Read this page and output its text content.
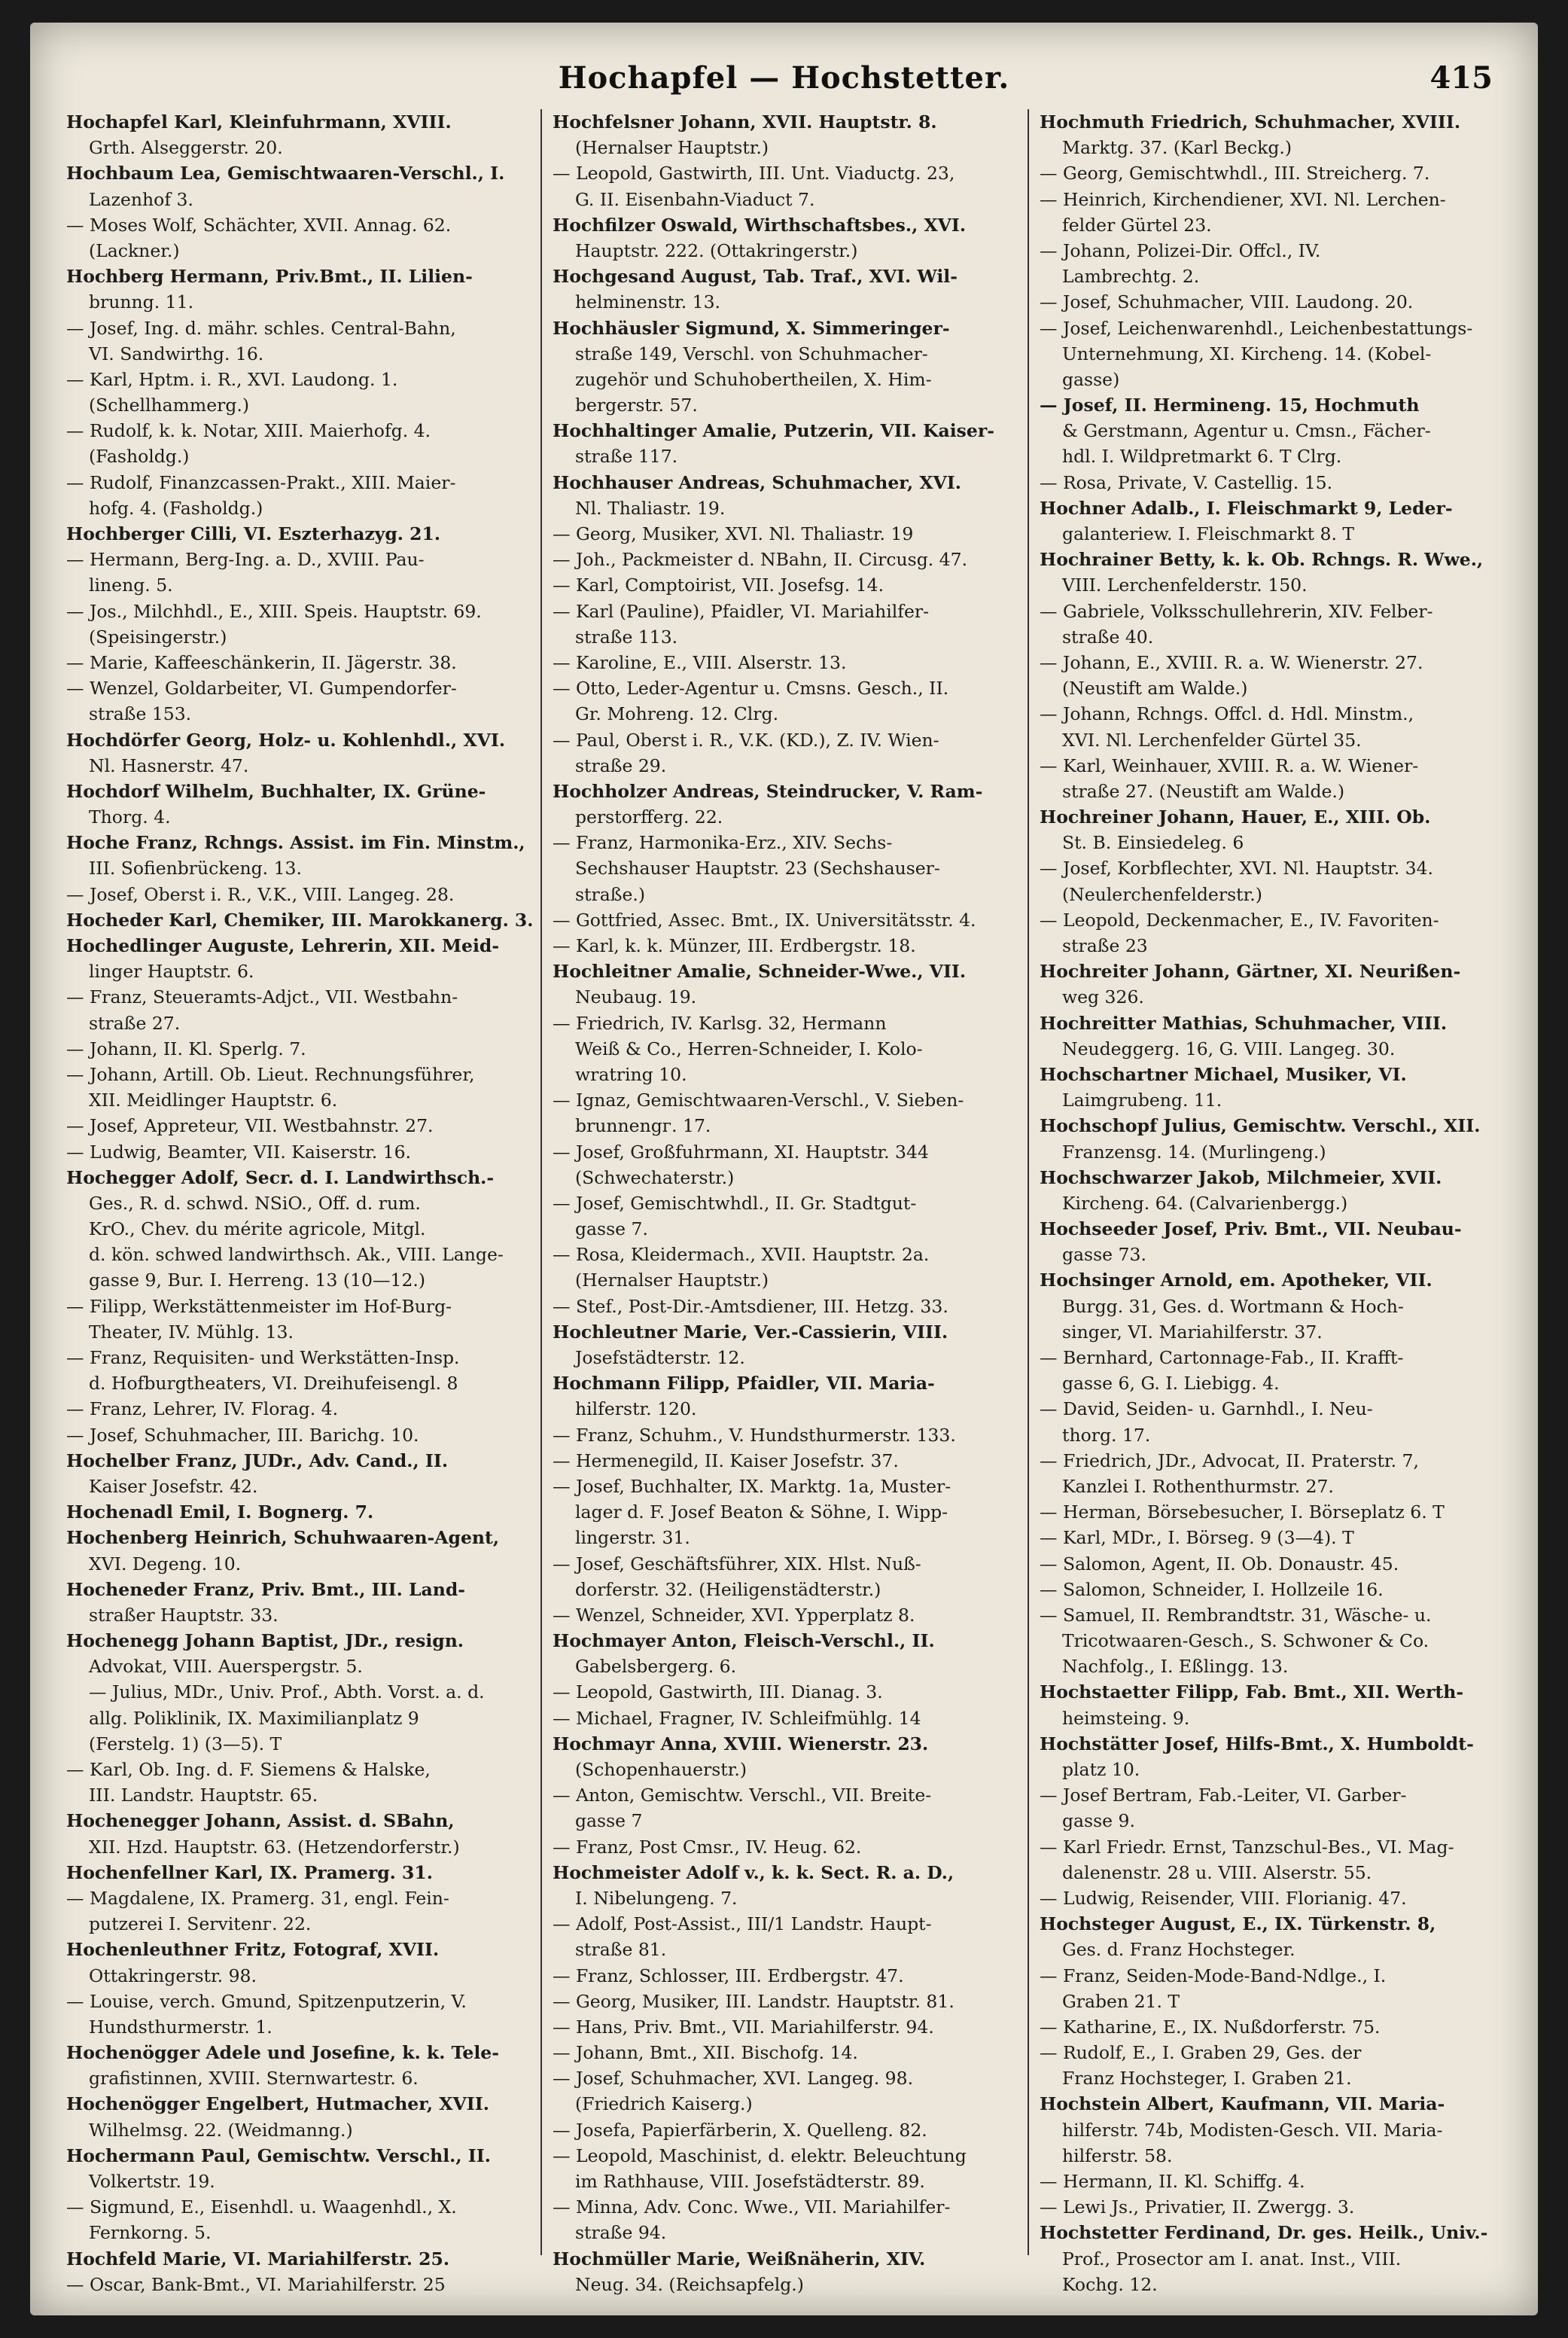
Hochapfel — Hochstetter.	415
Hochapfel Karl, Kleinfuhrmann, XVIII.
Grth. Alseggerstr. 20.
Hochbaum Lea, Gemischtwaaren-Verschl., I.
Lazenhof 3.
— Moses Wolf, Schächter, XVII. Annag. 62.
(Lackner.)
Hochberg Hermann, Priv.Bmt., II. Lilien-
brunng. 11.
— Josef, Ing. d. mähr. schles. Central-Bahn,
VI. Sandwirthg. 16.
— Karl, Hptm. i. R., XVI. Laudong. 1.
(Schellhammerg.)
— Rudolf, k. k. Notar, XIII. Maierhofg. 4.
(Fasholdg.)
— Rudolf, Finanzcassen-Prakt., XIII. Maier-
hofg. 4. (Fasholdg.)
Hochberger Cilli, VI. Eszterhazyg. 21.
— Hermann, Berg-Ing. a. D., XVIII. Pau-
lineng. 5.
— Jos., Milchhdl., E., XIII. Speis. Hauptstr. 69.
(Speisingerstr.)
— Marie, Kaffeeschänkerin, II. Jägerstr. 38.
— Wenzel, Goldarbeiter, VI. Gumpendorfer-
straße 153.
Hochdörfer Georg, Holz- u. Kohlenhdl., XVI.
Nl. Hasnerstr. 47.
Hochdorf Wilhelm, Buchhalter, IX. Grüne-
Thorg. 4.
Hoche Franz, Rchngs. Assist. im Fin. Minstm.,
III. Sofienbrückeng. 13.
— Josef, Oberst i. R., V.K., VIII. Langeg. 28.
Hocheder Karl, Chemiker, III. Marokkanerg. 3.
Hochedlinger Auguste, Lehrerin, XII. Meid-
linger Hauptstr. 6.
— Franz, Steueramts-Adjct., VII. Westbahn-
straße 27.
— Johann, II. Kl. Sperlg. 7.
— Johann, Artill. Ob. Lieut. Rechnungsführer,
XII. Meidlinger Hauptstr. 6.
— Josef, Appreteur, VII. Westbahnstr. 27.
— Ludwig, Beamter, VII. Kaiserstr. 16.
Hochegger Adolf, Secr. d. I. Landwirthsch.-
Ges., R. d. schwd. NSiO., Off. d. rum.
KrO., Chev. du mérite agricole, Mitgl.
d. kön. schwed landwirthsch. Ak., VIII. Lange-
gasse 9, Bur. I. Herreng. 13 (10—12.)
— Filipp, Werkstättenmeister im Hof-Burg-
Theater, IV. Mühlg. 13.
— Franz, Requisiten- und Werkstätten-Insp.
d. Hofburgtheaters, VI. Dreihufeisengl. 8
— Franz, Lehrer, IV. Florag. 4.
— Josef, Schuhmacher, III. Barichg. 10.
Hochelber Franz, JUDr., Adv. Cand., II.
Kaiser Josefstr. 42.
Hochenadl Emil, I. Bognerg. 7.
Hochenberg Heinrich, Schuhwaaren-Agent,
XVI. Degeng. 10.
Hocheneder Franz, Priv. Bmt., III. Land-
straßer Hauptstr. 33.
Hochenegg Johann Baptist, JDr., resign.
Advokat, VIII. Auerspergstr. 5.
— Julius, MDr., Univ. Prof., Abth. Vorst. a. d.
allg. Poliklinik, IX. Maximilianplatz 9
(Ferstelg. 1) (3—5). T
— Karl, Ob. Ing. d. F. Siemens & Halske,
III. Landstr. Hauptstr. 65.
Hochenegger Johann, Assist. d. SBahn,
XII. Hzd. Hauptstr. 63. (Hetzendorferstr.)
Hochenfellner Karl, IX. Pramerg. 31.
— Magdalene, IX. Pramerg. 31, engl. Fein-
putzerei I. Servitenг. 22.
Hochenleuthner Fritz, Fotograf, XVII.
Ottakringerstr. 98.
— Louise, verch. Gmund, Spitzenputzerin, V.
Hundsthurmerstr. 1.
Hochenögger Adele und Josefine, k. k. Tele-
grafistinnen, XVIII. Sternwartestr. 6.
Hochenögger Engelbert, Hutmacher, XVII.
Wilhelmsg. 22. (Weidmanng.)
Hochermann Paul, Gemischtw. Verschl., II.
Volkertstr. 19.
— Sigmund, E., Eisenhdl. u. Waagenhdl., X.
Fernkorng. 5.
Hochfeld Marie, VI. Mariahilferstr. 25.
— Oscar, Bank-Bmt., VI. Mariahilferstr. 25
Hochfelsner Johann, XVII. Hauptstr. 8.
(Hernalser Hauptstr.)
— Leopold, Gastwirth, III. Unt. Viaductg. 23,
G. II. Eisenbahn-Viaduct 7.
Hochfilzer Oswald, Wirthschaftsbes., XVI.
Hauptstr. 222. (Ottakringerstr.)
Hochgesand August, Tab. Traf., XVI. Wil-
helminenstr. 13.
Hochhäusler Sigmund, X. Simmeringer-
straße 149, Verschl. von Schuhmacher-
zugehör und Schuhobertheilen, X. Him-
bergerstr. 57.
Hochhaltinger Amalie, Putzerin, VII. Kaiser-
straße 117.
Hochhauser Andreas, Schuhmacher, XVI.
Nl. Thaliastr. 19.
— Georg, Musiker, XVI. Nl. Thaliastr. 19
— Joh., Packmeister d. NBahn, II. Circusg. 47.
— Karl, Comptoirist, VII. Josefsg. 14.
— Karl (Pauline), Pfaidler, VI. Mariahilfer-
straße 113.
— Karoline, E., VIII. Alserstr. 13.
— Otto, Leder-Agentur u. Cmsns. Gesch., II.
Gr. Mohreng. 12. Clrg.
— Paul, Oberst i. R., V.K. (KD.), Z. IV. Wien-
straße 29.
Hochholzer Andreas, Steindrucker, V. Ram-
perstorfferg. 22.
— Franz, Harmonika-Erz., XIV. Sechs-
Sechshauser Hauptstr. 23 (Sechshauser-
straße.)
— Gottfried, Assec. Bmt., IX. Universitätsstr. 4.
— Karl, k. k. Münzer, III. Erdbergstr. 18.
Hochleitner Amalie, Schneider-Wwe., VII.
Neubaug. 19.
— Friedrich, IV. Karlsg. 32, Hermann
Weiß & Co., Herren-Schneider, I. Kolo-
wratring 10.
— Ignaz, Gemischtwaaren-Verschl., V. Sieben-
brunnengг. 17.
— Josef, Großfuhrmann, XI. Hauptstr. 344
(Schwechaterstr.)
— Josef, Gemischtwhdl., II. Gr. Stadtgut-
gasse 7.
— Rosa, Kleidermach., XVII. Hauptstr. 2a.
(Hernalser Hauptstr.)
— Stef., Post-Dir.-Amtsdiener, III. Hetzg. 33.
Hochleutner Marie, Ver.-Cassierin, VIII.
Josefstädterstr. 12.
Hochmann Filipp, Pfaidler, VII. Maria-
hilferstr. 120.
— Franz, Schuhm., V. Hundsthurmerstr. 133.
— Hermenegild, II. Kaiser Josefstr. 37.
— Josef, Buchhalter, IX. Marktg. 1a, Muster-
lager d. F. Josef Beaton & Söhne, I. Wipp-
lingerstr. 31.
— Josef, Geschäftsführer, XIX. Hlst. Nuß-
dorferstr. 32. (Heiligenstädterstr.)
— Wenzel, Schneider, XVI. Ypperplatz 8.
Hochmayer Anton, Fleisch-Verschl., II.
Gabelsbergerg. 6.
— Leopold, Gastwirth, III. Dianag. 3.
— Michael, Fragner, IV. Schleifmühlg. 14
Hochmayr Anna, XVIII. Wienerstr. 23.
(Schopenhauerstr.)
— Anton, Gemischtw. Verschl., VII. Breite-
gasse 7
— Franz, Post Cmsr., IV. Heug. 62.
Hochmeister Adolf v., k. k. Sect. R. a. D.,
I. Nibelungeng. 7.
— Adolf, Post-Assist., III/1 Landstr. Haupt-
straße 81.
— Franz, Schlosser, III. Erdbergstr. 47.
— Georg, Musiker, III. Landstr. Hauptstr. 81.
— Hans, Priv. Bmt., VII. Mariahilferstr. 94.
— Johann, Bmt., XII. Bischofg. 14.
— Josef, Schuhmacher, XVI. Langeg. 98.
(Friedrich Kaiserg.)
— Josefa, Papierfärberin, X. Quelleng. 82.
— Leopold, Maschinist, d. elektr. Beleuchtung
im Rathhause, VIII. Josefstädterstr. 89.
— Minna, Adv. Conc. Wwe., VII. Mariahilfer-
straße 94.
Hochmüller Marie, Weißnäherin, XIV.
Neug. 34. (Reichsapfelg.)
Hochmuth Friedrich, Schuhmacher, XVIII.
Marktg. 37. (Karl Beckg.)
— Georg, Gemischtwhdl., III. Streicherg. 7.
— Heinrich, Kirchendiener, XVI. Nl. Lerchen-
felder Gürtel 23.
— Johann, Polizei-Dir. Offcl., IV.
Lambrechtg. 2.
— Josef, Schuhmacher, VIII. Laudong. 20.
— Josef, Leichenwarenhdl., Leichenbestattungs-
Unternehmung, XI. Kircheng. 14. (Kobel-
gasse)
— Josef, II. Hermineng. 15, Hochmuth
& Gerstmann, Agentur u. Cmsn., Fächer-
hdl. I. Wildpretmarkt 6. T Clrg.
— Rosa, Private, V. Castellig. 15.
Hochner Adalb., I. Fleischmarkt 9, Leder-
galanteriew. I. Fleischmarkt 8. T
Hochrainer Betty, k. k. Ob. Rchngs. R. Wwe.,
VIII. Lerchenfelderstr. 150.
— Gabriele, Volksschullehrerin, XIV. Felber-
straße 40.
— Johann, E., XVIII. R. a. W. Wienerstr. 27.
(Neustift am Walde.)
— Johann, Rchngs. Offcl. d. Hdl. Minstm.,
XVI. Nl. Lerchenfelder Gürtel 35.
— Karl, Weinhauer, XVIII. R. a. W. Wiener-
straße 27. (Neustift am Walde.)
Hochreiner Johann, Hauer, E., XIII. Ob.
St. B. Einsiedeleg. 6
— Josef, Korbflechter, XVI. Nl. Hauptstr. 34.
(Neulerchenfelderstr.)
— Leopold, Deckenmacher, E., IV. Favoriten-
straße 23
Hochreiter Johann, Gärtner, XI. Neurißen-
weg 326.
Hochreitter Mathias, Schuhmacher, VIII.
Neudeggerg. 16, G. VIII. Langeg. 30.
Hochschartner Michael, Musiker, VI.
Laimgrubeng. 11.
Hochschopf Julius, Gemischtw. Verschl., XII.
Franzensg. 14. (Murlingeng.)
Hochschwarzer Jakob, Milchmeier, XVII.
Kircheng. 64. (Calvarienbergg.)
Hochseeder Josef, Priv. Bmt., VII. Neubau-
gasse 73.
Hochsinger Arnold, em. Apotheker, VII.
Burgg. 31, Ges. d. Wortmann & Hoch-
singer, VI. Mariahilferstr. 37.
— Bernhard, Cartonnage-Fab., II. Krafft-
gasse 6, G. I. Liebigg. 4.
— David, Seiden- u. Garnhdl., I. Neu-
thorg. 17.
— Friedrich, JDr., Advocat, II. Praterstr. 7,
Kanzlei I. Rothenthurmstr. 27.
— Herman, Börsebesucher, I. Börseplatz 6. T
— Karl, MDr., I. Börseg. 9 (3—4). T
— Salomon, Agent, II. Ob. Donaustr. 45.
— Salomon, Schneider, I. Hollzeile 16.
— Samuel, II. Rembrandtstr. 31, Wäsche- u.
Tricotwaaren-Gesch., S. Schwoner & Co.
Nachfolg., I. Eßlingg. 13.
Hochstaetter Filipp, Fab. Bmt., XII. Werth-
heimsteing. 9.
Hochstätter Josef, Hilfs-Bmt., X. Humboldt-
platz 10.
— Josef Bertram, Fab.-Leiter, VI. Garber-
gasse 9.
— Karl Friedr. Ernst, Tanzschul-Bes., VI. Mag-
dalenenstr. 28 u. VIII. Alserstr. 55.
— Ludwig, Reisender, VIII. Florianig. 47.
Hochsteger August, E., IX. Türkenstr. 8,
Ges. d. Franz Hochsteger.
— Franz, Seiden-Mode-Band-Ndlge., I.
Graben 21. T
— Katharine, E., IX. Nußdorferstr. 75.
— Rudolf, E., I. Graben 29, Ges. der
Franz Hochsteger, I. Graben 21.
Hochstein Albert, Kaufmann, VII. Maria-
hilferstr. 74b, Modisten-Gesch. VII. Maria-
hilferstr. 58.
— Hermann, II. Kl. Schiffg. 4.
— Lewi Js., Privatier, II. Zwergg. 3.
Hochstetter Ferdinand, Dr. ges. Heilk., Univ.-
Prof., Prosector am I. anat. Inst., VIII.
Kochg. 12.
